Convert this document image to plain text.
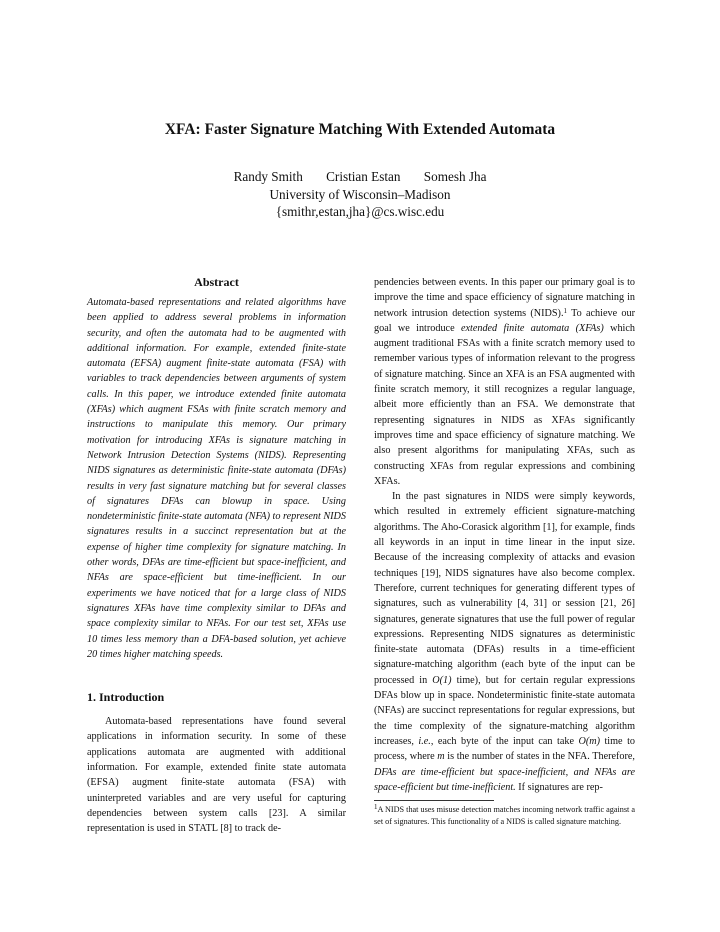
XFA: Faster Signature Matching With Extended Automata
Randy Smith Cristian Estan Somesh Jha
University of Wisconsin–Madison
{smithr,estan,jha}@cs.wisc.edu
Abstract

Automata-based representations and related algorithms have been applied to address several problems in information security, and often the automata had to be augmented with additional information. For example, extended finite-state automata (EFSA) augment finite-state automata (FSA) with variables to track dependencies between arguments of system calls. In this paper, we introduce extended finite automata (XFAs) which augment FSAs with finite scratch memory and instructions to manipulate this memory. Our primary motivation for introducing XFAs is signature matching in Network Intrusion Detection Systems (NIDS). Representing NIDS signatures as deterministic finite-state automata (DFAs) results in very fast signature matching but for several classes of signatures DFAs can blowup in space. Using nondeterministic finite-state automata (NFA) to represent NIDS signatures results in a succinct representation but at the expense of higher time complexity for signature matching. In other words, DFAs are time-efficient but space-inefficient, and NFAs are space-efficient but time-inefficient. In our experiments we have noticed that for a large class of NIDS signatures XFAs have time complexity similar to DFAs and space complexity similar to NFAs. For our test set, XFAs use 10 times less memory than a DFA-based solution, yet achieve 20 times higher matching speeds.

1. Introduction

Automata-based representations have found several applications in information security. In some of these applications automata are augmented with additional information. For example, extended finite state automata (EFSA) augment finite-state automata (FSA) with uninterpreted variables and are very useful for capturing dependencies between system calls [23]. A similar representation is used in STATL [8] to track de-

pendencies between events. In this paper our primary goal is to improve the time and space efficiency of signature matching in network intrusion detection systems (NIDS).$^1$ To achieve our goal we introduce extended finite automata (XFAs) which augment traditional FSAs with a finite scratch memory used to remember various types of information relevant to the progress of signature matching. Since an XFA is an FSA augmented with finite scratch memory, it still recognizes a regular language, albeit more efficiently than an FSA. We demonstrate that representing signatures in NIDS as XFAs significantly improves time and space efficiency of signature matching. We also present algorithms for manipulating XFAs, such as constructing XFAs from regular expressions and combining XFAs.

In the past signatures in NIDS were simply keywords, which resulted in extremely efficient signature-matching algorithms. The Aho-Corasick algorithm [1], for example, finds all keywords in an input in time linear in the input size. Because of the increasing complexity of attacks and evasion techniques [19], NIDS signatures have also become complex. Therefore, current techniques for generating different types of signatures, such as vulnerability [4, 31] or session [21, 26] signatures, generate signatures that use the full power of regular expressions. Representing NIDS signatures as deterministic finite-state automata (DFAs) results in a time-efficient signature-matching algorithm (each byte of the input can be processed in O(1) time), but for certain regular expressions DFAs blow up in space. Nondeterministic finite-state automata (NFAs) are succinct representations for regular expressions, but the time complexity of the signature-matching algorithm increases, i.e., each byte of the input can take O(m) time to process, where m is the number of states in the NFA. Therefore, DFAs are time-efficient but space-inefficient, and NFAs are space-efficient but time-inefficient. If signatures are rep-

$^1$A NIDS that uses misuse detection matches incoming network traffic against a set of signatures. This functionality of a NIDS is called signature matching.
